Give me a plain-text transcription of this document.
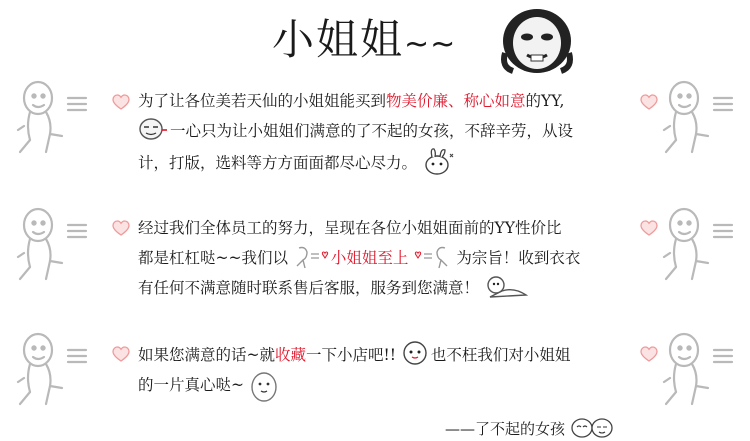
小姐姐~~
为了让各位美若天仙的小姐姐能买到物美价廉、称心如意的YY,
一心只为让小姐姐们满意的了不起的女孩，不辞辛劳，从设
计，打版，选料等方方面面都尽心尽力。
经过我们全体员工的努力，呈现在各位小姐姐面前的YY性价比
都是杠杠哒~~我们以	小姐姐至上	为宗旨！收到衣衣
有任何不满意随时联系售后客服，服务到您满意！
如果您满意的话~就收藏一下小店吧!! 也不枉我们对小姐姐
的一片真心哒~
——了不起的女孩
